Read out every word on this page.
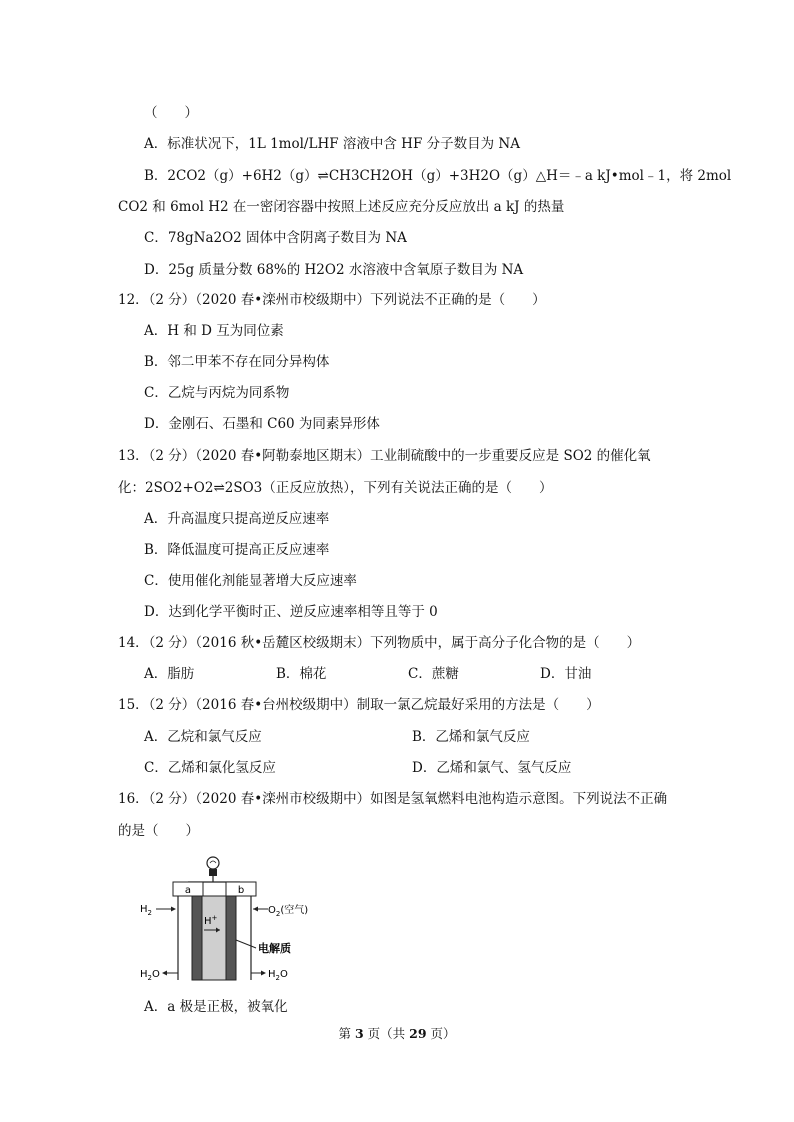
（　　）
A．标准状况下，1L 1mol/LHF 溶液中含 HF 分子数目为 NA
B．2CO2（g）+6H2（g）⇌CH3CH2OH（g）+3H2O（g）△H＝﹣a kJ•mol﹣1，将 2mol
CO2 和 6mol H2 在一密闭容器中按照上述反应充分反应放出 a kJ 的热量
C．78gNa2O2 固体中含阴离子数目为 NA
D．25g 质量分数 68%的 H2O2 水溶液中含氧原子数目为 NA
12．（2 分）（2020 春•滦州市校级期中）下列说法不正确的是（　　）
A．H 和 D 互为同位素
B．邻二甲苯不存在同分异构体
C．乙烷与丙烷为同系物
D．金刚石、石墨和 C60 为同素异形体
13．（2 分）（2020 春•阿勒泰地区期末）工业制硫酸中的一步重要反应是 SO2 的催化氧
化：2SO2+O2⇌2SO3（正反应放热），下列有关说法正确的是（　　）
A．升高温度只提高逆反应速率
B．降低温度可提高正反应速率
C．使用催化剂能显著增大反应速率
D．达到化学平衡时正、逆反应速率相等且等于 0
14．（2 分）（2016 秋•岳麓区校级期末）下列物质中，属于高分子化合物的是（　　）
A．脂肪	B．棉花	C．蔗糖	D．甘油
15．（2 分）（2016 春•台州校级期中）制取一氯乙烷最好采用的方法是（　　）
A．乙烷和氯气反应	B．乙烯和氯气反应
C．乙烯和氯化氢反应	D．乙烯和氯气、氢气反应
16．（2 分）（2020 春•滦州市校级期中）如图是氢氧燃料电池构造示意图。下列说法不正确
的是（　　）
a	b
H+
$H_2$	$O_2$(空气)
电解质
$H_2O$	$H_2O$
A．a 极是正极，被氧化
第 3 页（共 29 页）
